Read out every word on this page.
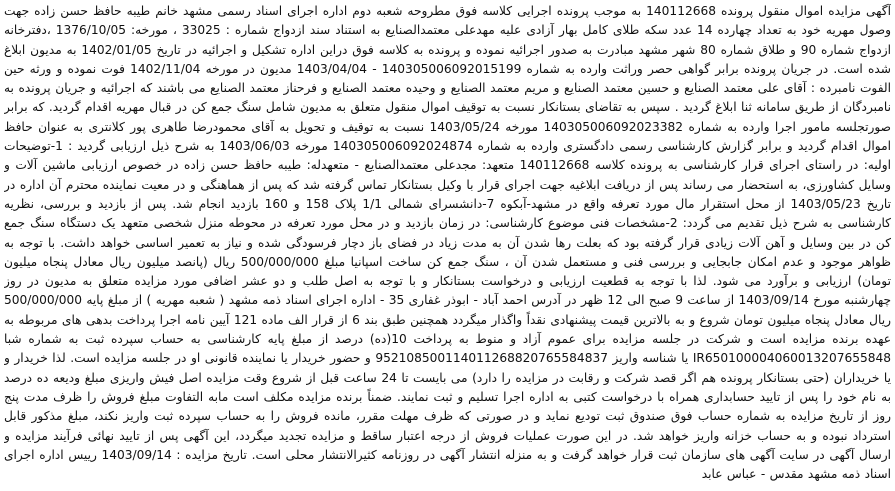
آگهی مزایده اموال منقول پرونده 140112668 به موجب پرونده اجرایی کلاسه فوق مطروحه شعبه دوم اداره اجرای اسناد رسمی مشهد خانم طیبه حافظ حسن زاده جهت وصول مهریه خود به تعداد چهارده 14 عدد سکه طلای کامل بهار آزادی علیه مهدعلی معتمدالصنایع به استناد سند ازدواج شماره : 33025 ، مورخه: 1376/10/05 ،دفترخانه ازدواج شماره 90 و طلاق شماره 80 شهر مشهد مبادرت به صدور اجرائیه نموده و پرونده به کلاسه فوق دراین اداره تشکیل و اجرائیه در تاریخ 1402/01/05 به مدیون ابلاغ شده است. در جریان پرونده برابر گواهی حصر وراثت وارده به شماره 140305006092015199 - 1403/04/04 مدیون در مورخه 1402/11/04 فوت نموده و ورثه حین الفوت نامبرده : آقای علی معتمد الصنایع و حسین معتمد الصنایع و مریم معتمد الصنایع و وحیده معتمد الصنایع و فرحناز معتمد الصنایع می باشند که اجرائیه و جریان پرونده به نامبردگان از طریق سامانه ثنا ابلاغ گردید . سپس به تقاضای بستانکار نسبت به توقیف اموال منقول متعلق به مدیون شامل سنگ جمع کن در قبال مهریه اقدام گردید. که برابر صورتجلسه مامور اجرا وارده به شماره 140305006092023382 مورخه 1403/05/24 نسبت به توقیف و تحویل به آقای محمودرضا طاهری پور کلانتری به عنوان حافظ اموال اقدام گردید و برابر گزارش کارشناسی رسمی دادگستری وارده به شماره 140305006092024874 مورخه 1403/06/03 به شرح ذیل ارزیابی گردید : 1-توضیحات اولیه: در راستای اجرای قرار کارشناسی به پرونده کلاسه 140112668 متعهد: مجدعلی معتمدالصنایع - متعهدله: طیبه حافظ حسن زاده در خصوص ارزیابی ماشین آلات و وسایل کشاورزی، به استحضار می رساند پس از دریافت ابلاغیه جهت اجرای قرار با وکیل بستانکار تماس گرفته شد که پس از هماهنگی و در معیت نماینده محترم آن اداره در تاریخ 1403/05/23 از محل استقرار مال مورد تعرفه واقع در مشهد-آبکوه 7-دانشسرای شمالی 1/1 پلاک 158 و 160 بازدید انجام شد. پس از بازدید و بررسی، نظریه کارشناسی به شرح ذیل تقدیم می گردد: 2-مشخصات فنی موضوع کارشناسی: در زمان بازدید و در محل مورد تعرفه در محوطه منزل شخصی متعهد یک دستگاه سنگ جمع کن در بین وسایل و آهن آلات زیادی قرار گرفته بود که بعلت رها شدن آن به مدت زیاد در فضای باز دچار فرسودگی شده و نیاز به تعمیر اساسی خواهد داشت. با توجه به ظواهر موجود و عدم امکان جابجایی و بررسی فنی و مستعمل شدن آن ، سنگ جمع کن ساخت اسپانیا مبلغ 500/000/000 ریال (پانصد میلیون ریال معادل پنجاه میلیون تومان) ارزیابی و برآورد می شود. لذا با توجه به قطعیت ارزیابی و درخواست بستانکار و با توجه به اصل طلب و دو عشر اضافی مورد مزایده متعلق به مدیون در روز چهارشنبه مورخ 1403/09/14 از ساعت 9 صبح الی 12 ظهر در آدرس احمد آباد - ابوذر غفاری 35 - اداره اجرای اسناد ذمه مشهد ( شعبه مهریه ) از مبلغ پایه 500/000/000 ریال معادل پنجاه میلیون تومان شروع و به بالاترین قیمت پیشنهادی نقداً واگذار میگردد همچنین طبق بند 6 از قرار الف ماده 121 آیین نامه اجرا پرداخت بدهی های مربوطه به عهده برنده مزایده است و شرکت در جلسه مزایده برای عموم آزاد و منوط به پرداخت 10(ده) درصد از مبلغ پایه کارشناسی به حساب سپرده ثبت به شماره شبا IR650100004060013207655848 یا شناسه واریز 952108500114011268820765584837 و حضور خریدار یا نماینده قانونی او در جلسه مزایده است. لذا خریدار و یا خریداران (حتی بستانکار پرونده هم اگر قصد شرکت و رقابت در مزایده را دارد) می بایست تا 24 ساعت قبل از شروع وقت مزایده اصل فیش واریزی مبلغ ودیعه ده درصد به نام خود را پس از تایید حسابداری همراه با درخواست کتبی به اداره اجرا تسلیم و ثبت نمایند. ضمناً برنده مزایده مکلف است مابه التفاوت مبلغ فروش را ظرف مدت پنج روز از تاریخ مزایده به شماره حساب فوق صندوق ثبت تودیع نماید و در صورتی که ظرف مهلت مقرر، مانده فروش را به حساب سپرده ثبت واریز نکند، مبلغ مذکور قابل استرداد نبوده و به حساب خزانه واریز خواهد شد. در این صورت عملیات فروش از درجه اعتبار ساقط و مزایده تجدید میگردد، این آگهی پس از تایید نهائی فرآیند مزایده و ارسال آگهی در سایت آگهی های سازمان ثبت قرار خواهد گرفت و به منزله انتشار آگهی در روزنامه کثیرالانتشار محلی است. تاریخ مزایده : 1403/09/14 رییس اداره اجرای اسناد ذمه مشهد مقدس - عباس عابد
